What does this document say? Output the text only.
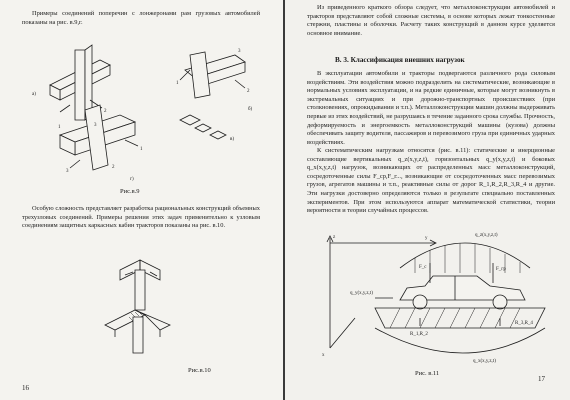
Примеры соединений поперечин с лонжеронами рам грузовых автомобилей показаны на рис. в.9,г.

1
2
3
1
2
3
3
1
2
а)
б)
в)
г)
Рис.в.9

Особую сложность представляет разработка рациональных конструкций объемных трехузловых соединений. Примеры решения этих задач применительно к узловым соединениям защитных каркасных кабин тракторов показаны на рис. в.10.

Рис.в.10
16

Из приведенного краткого обзора следует, что металлоконструкции автомобилей и тракторов представляют собой сложные системы, в основе которых лежат тонкостенные стержни, пластины и оболочки. Расчету таких конструкций в данном курсе уделяется основное внимание.

В. 3. Классификация внешних нагрузок

В эксплуатации автомобили и тракторы подвергаются различного рода силовым воздействиям. Эти воздействия можно подразделить на систематические, возникающие в нормальных условиях эксплуатации, и на редкие единичные, которые могут возникнуть в экстремальных ситуациях и при дорожно-транспортных происшествиях (при столкновениях, опрокидывании и т.п.). Металлоконструкции машин должны выдерживать первые из этих воздействий, не разрушаясь в течение заданного срока службы. Прочность, деформируемость и энергоемкость металлоконструкций машины (кузова) должны обеспечивать защиту водителя, пассажиров и перевозимого груза при единичных ударных воздействиях.

К систематическим нагрузкам относятся (рис. в.11): статические и инерционные составляющие вертикальных q_z(x,y,z,t), горизонтальных q_y(x,y,z,t) и боковых q_x(x,y,z,t) нагрузок, возникающих от распределенных масс металлоконструкций, сосредоточенные силы F_сp,F_г..., возникающие от сосредоточенных масс перевозимых грузов, агрегатов машины и т.п., реактивные силы от дорог R_1,R_2,R_3,R_4 и другие. Эти нагрузки достоверно определяются только в результате специально поставленных экспериментов. При этом используются аппарат математической статистики, теории вероятности и теории случайных процессов.

z	y
q_z(x,y,z,t)
q_y(x,y,z,t)
F_c	F_гр
R_1,R_2
R_3,R_4
q_x(x,y,z,t)
x
Рис. в.11
17
